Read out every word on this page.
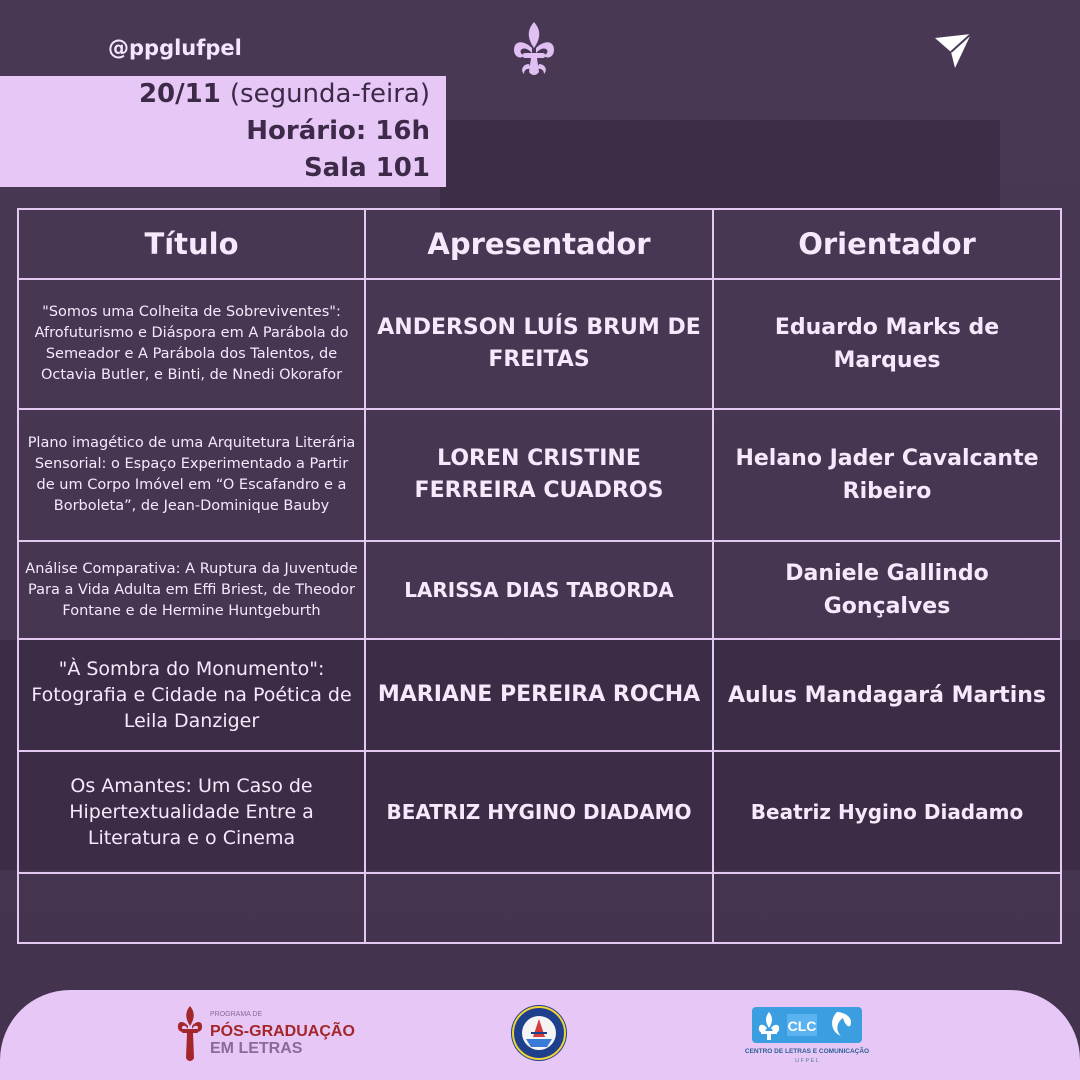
@ppglufpel
20/11 (segunda-feira)
Horário: 16h
Sala 101
Título	Apresentador	Orientador
"Somos uma Colheita de Sobreviventes": Afrofuturismo e Diáspora em A Parábola do Semeador e A Parábola dos Talentos, de Octavia Butler, e Binti, de Nnedi Okorafor	ANDERSON LUÍS BRUM DE FREITAS	Eduardo Marks de Marques
Plano imagético de uma Arquitetura Literária Sensorial: o Espaço Experimentado a Partir de um Corpo Imóvel em “O Escafandro e a Borboleta”, de Jean-Dominique Bauby	LOREN CRISTINE FERREIRA CUADROS	Helano Jader Cavalcante Ribeiro
Análise Comparativa: A Ruptura da Juventude Para a Vida Adulta em Effi Briest, de Theodor Fontane e de Hermine Huntgeburth	LARISSA DIAS TABORDA	Daniele Gallindo Gonçalves
"À Sombra do Monumento": Fotografia e Cidade na Poética de Leila Danziger	MARIANE PEREIRA ROCHA	Aulus Mandagará Martins
Os Amantes: Um Caso de Hipertextualidade Entre a Literatura e o Cinema	BEATRIZ HYGINO DIADAMO	Beatriz Hygino Diadamo

PROGRAMA DE
PÓS-GRADUAÇÃO
EM LETRAS
CLC
CENTRO DE LETRAS E COMUNICAÇÃO
U F P E L
